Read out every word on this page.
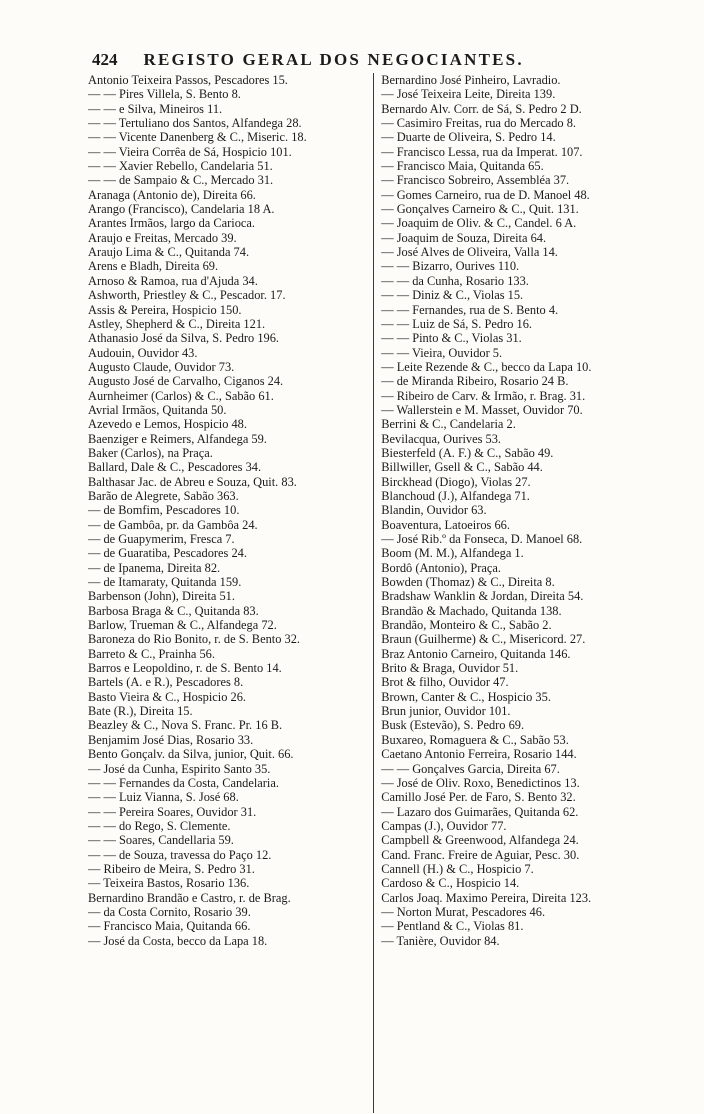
424 REGISTO GERAL DOS NEGOCIANTES.
Antonio Teixeira Passos, Pescadores 15.
— — Pires Villela, S. Bento 8.
— — e Silva, Mineiros 11.
— — Tertuliano dos Santos, Alfandega 28.
— — Vicente Danenberg & C., Miseric. 18.
— — Vieira Corrêa de Sá, Hospicio 101.
— — Xavier Rebello, Candelaria 51.
— — de Sampaio & C., Mercado 31.
Aranaga (Antonio de), Direita 66.
Arango (Francisco), Candelaria 18 A.
Arantes Irmãos, largo da Carioca.
Araujo e Freitas, Mercado 39.
Araujo Lima & C., Quitanda 74.
Arens e Bladh, Direita 69.
Arnoso & Ramoa, rua d'Ajuda 34.
Ashworth, Priestley & C., Pescador. 17.
Assis & Pereira, Hospicio 150.
Astley, Shepherd & C., Direita 121.
Athanasio José da Silva, S. Pedro 196.
Audouin, Ouvidor 43.
Augusto Claude, Ouvidor 73.
Augusto José de Carvalho, Ciganos 24.
Aurnheimer (Carlos) & C., Sabão 61.
Avrial Irmãos, Quitanda 50.
Azevedo e Lemos, Hospicio 48.
Baenziger e Reimers, Alfandega 59.
Baker (Carlos), na Praça.
Ballard, Dale & C., Pescadores 34.
Balthasar Jac. de Abreu e Souza, Quit. 83.
Barão de Alegrete, Sabão 363.
— de Bomfim, Pescadores 10.
— de Gambôa, pr. da Gambôa 24.
— de Guapymerim, Fresca 7.
— de Guaratiba, Pescadores 24.
— de Ipanema, Direita 82.
— de Itamaraty, Quitanda 159.
Barbenson (John), Direita 51.
Barbosa Braga & C., Quitanda 83.
Barlow, Trueman & C., Alfandega 72.
Baroneza do Rio Bonito, r. de S. Bento 32.
Barreto & C., Prainha 56.
Barros e Leopoldino, r. de S. Bento 14.
Bartels (A. e R.), Pescadores 8.
Basto Vieira & C., Hospicio 26.
Bate (R.), Direita 15.
Beazley & C., Nova S. Franc. Pr. 16 B.
Benjamim José Dias, Rosario 33.
Bento Gonçalv. da Silva, junior, Quit. 66.
— José da Cunha, Espirito Santo 35.
— — Fernandes da Costa, Candelaria.
— — Luiz Vianna, S. José 68.
— — Pereira Soares, Ouvidor 31.
— — do Rego, S. Clemente.
— — Soares, Candellaria 59.
— — de Souza, travessa do Paço 12.
— Ribeiro de Meira, S. Pedro 31.
— Teixeira Bastos, Rosario 136.
Bernardino Brandão e Castro, r. de Brag.
— da Costa Cornito, Rosario 39.
— Francisco Maia, Quitanda 66.
— José da Costa, becco da Lapa 18.
Bernardino José Pinheiro, Lavradio.
— José Teixeira Leite, Direita 139.
Bernardo Alv. Corr. de Sá, S. Pedro 2 D.
— Casimiro Freitas, rua do Mercado 8.
— Duarte de Oliveira, S. Pedro 14.
— Francisco Lessa, rua da Imperat. 107.
— Francisco Maia, Quitanda 65.
— Francisco Sobreiro, Assembléa 37.
— Gomes Carneiro, rua de D. Manoel 48.
— Gonçalves Carneiro & C., Quit. 131.
— Joaquim de Oliv. & C., Candel. 6 A.
— Joaquim de Souza, Direita 64.
— José Alves de Oliveira, Valla 14.
— — Bizarro, Ourives 110.
— — da Cunha, Rosario 133.
— — Diniz & C., Violas 15.
— — Fernandes, rua de S. Bento 4.
— — Luiz de Sá, S. Pedro 16.
— — Pinto & C., Violas 31.
— — Vieira, Ouvidor 5.
— Leite Rezende & C., becco da Lapa 10.
— de Miranda Ribeiro, Rosario 24 B.
— Ribeiro de Carv. & Irmão, r. Brag. 31.
— Wallerstein e M. Masset, Ouvidor 70.
Berrini & C., Candelaria 2.
Bevilacqua, Ourives 53.
Biesterfeld (A. F.) & C., Sabão 49.
Billwiller, Gsell & C., Sabão 44.
Birckhead (Diogo), Violas 27.
Blanchoud (J.), Alfandega 71.
Blandin, Ouvidor 63.
Boaventura, Latoeiros 66.
— José Rib.º da Fonseca, D. Manoel 68.
Boom (M. M.), Alfandega 1.
Bordô (Antonio), Praça.
Bowden (Thomaz) & C., Direita 8.
Bradshaw Wanklin & Jordan, Direita 54.
Brandão & Machado, Quitanda 138.
Brandão, Monteiro & C., Sabão 2.
Braun (Guilherme) & C., Misericord. 27.
Braz Antonio Carneiro, Quitanda 146.
Brito & Braga, Ouvidor 51.
Brot & filho, Ouvidor 47.
Brown, Canter & C., Hospicio 35.
Brun junior, Ouvidor 101.
Busk (Estevão), S. Pedro 69.
Buxareo, Romaguera & C., Sabão 53.
Caetano Antonio Ferreira, Rosario 144.
— — Gonçalves Garcia, Direita 67.
— José de Oliv. Roxo, Benedictinos 13.
Camillo José Per. de Faro, S. Bento 32.
— Lazaro dos Guimarães, Quitanda 62.
Campas (J.), Ouvidor 77.
Campbell & Greenwood, Alfandega 24.
Cand. Franc. Freire de Aguiar, Pesc. 30.
Cannell (H.) & C., Hospicio 7.
Cardoso & C., Hospicio 14.
Carlos Joaq. Maximo Pereira, Direita 123.
— Norton Murat, Pescadores 46.
— Pentland & C., Violas 81.
— Tanière, Ouvidor 84.
